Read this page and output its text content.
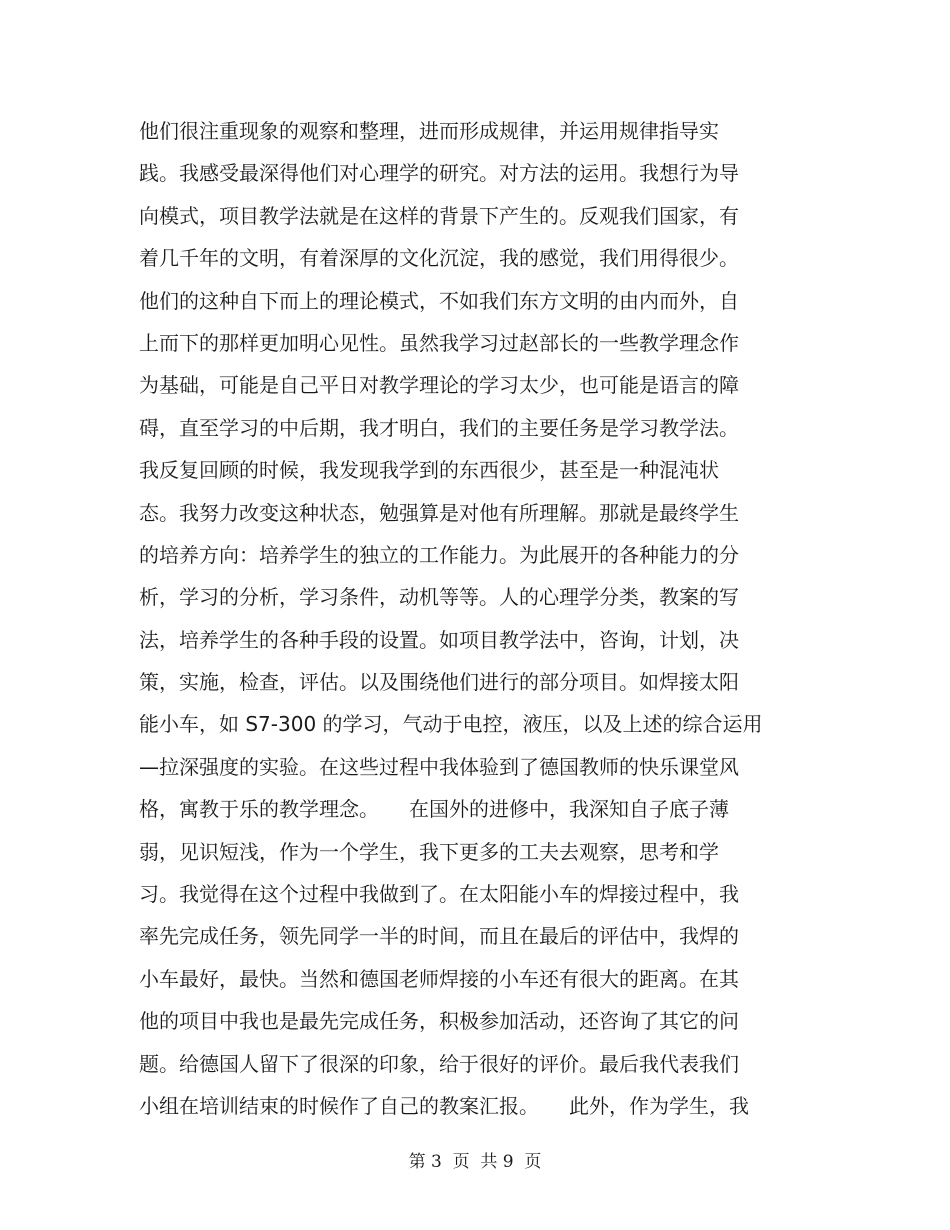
他们很注重现象的观察和整理，进而形成规律，并运用规律指导实
践。我感受最深得他们对心理学的研究。对方法的运用。我想行为导
向模式，项目教学法就是在这样的背景下产生的。反观我们国家，有
着几千年的文明，有着深厚的文化沉淀，我的感觉，我们用得很少。
他们的这种自下而上的理论模式，不如我们东方文明的由内而外，自
上而下的那样更加明心见性。虽然我学习过赵部长的一些教学理念作
为基础，可能是自己平日对教学理论的学习太少，也可能是语言的障
碍，直至学习的中后期，我才明白，我们的主要任务是学习教学法。
我反复回顾的时候，我发现我学到的东西很少，甚至是一种混沌状
态。我努力改变这种状态，勉强算是对他有所理解。那就是最终学生
的培养方向：培养学生的独立的工作能力。为此展开的各种能力的分
析，学习的分析，学习条件，动机等等。人的心理学分类，教案的写
法，培养学生的各种手段的设置。如项目教学法中，咨询，计划，决
策，实施，检查，评估。以及围绕他们进行的部分项目。如焊接太阳
能小车，如 S7-300 的学习，气动于电控，液压，以及上述的综合运用
—拉深强度的实验。在这些过程中我体验到了德国教师的快乐课堂风
格，寓教于乐的教学理念。　　在国外的进修中，我深知自子底子薄
弱，见识短浅，作为一个学生，我下更多的工夫去观察，思考和学
习。我觉得在这个过程中我做到了。在太阳能小车的焊接过程中，我
率先完成任务，领先同学一半的时间，而且在最后的评估中，我焊的
小车最好，最快。当然和德国老师焊接的小车还有很大的距离。在其
他的项目中我也是最先完成任务，积极参加活动，还咨询了其它的问
题。给德国人留下了很深的印象，给于很好的评价。最后我代表我们
小组在培训结束的时候作了自己的教案汇报。　　此外，作为学生，我
第 3  页  共 9  页
